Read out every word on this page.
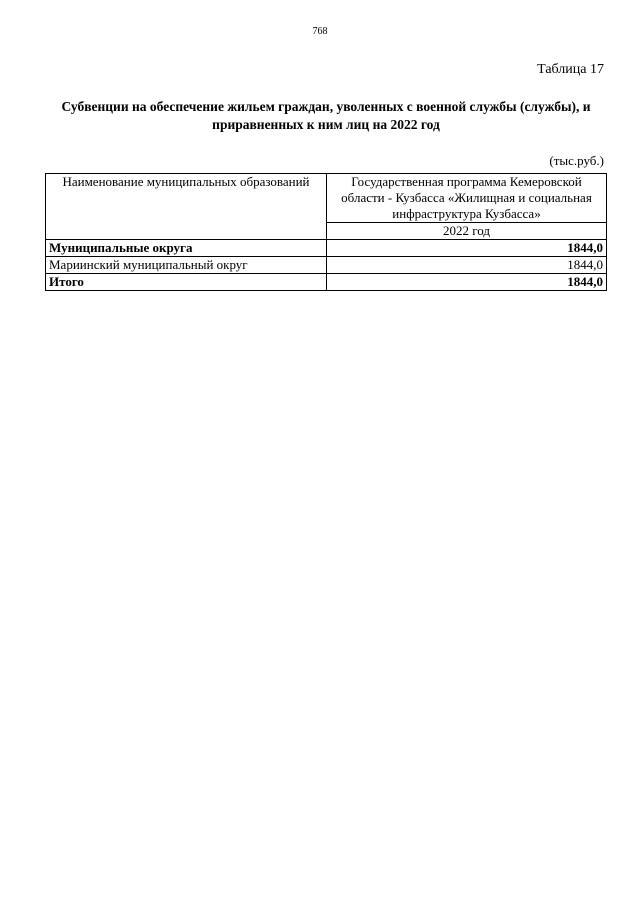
768
Таблица 17
Субвенции на обеспечение жильем граждан, уволенных с военной службы (службы), и приравненных к ним лиц на 2022 год
(тыс.руб.)
Наименование муниципальных образований	Государственная программа Кемеровской области - Кузбасса «Жилищная и социальная инфраструктура Кузбасса»
	2022 год
Муниципальные округа	1844,0
Мариинский муниципальный округ	1844,0
Итого	1844,0
